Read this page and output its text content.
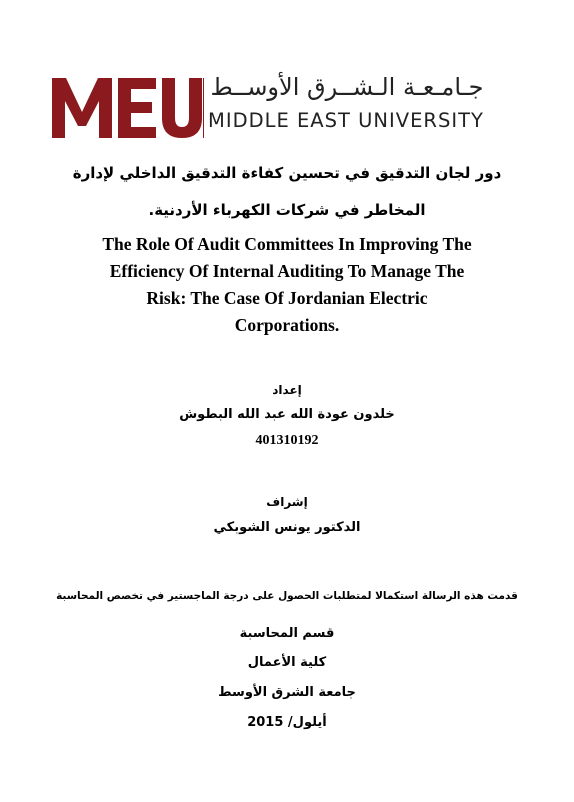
جـامـعـة الـشــرق الأوســط
MIDDLE EAST UNIVERSITY
دور لجان التدقيق في تحسين كفاءة التدقيق الداخلي لإدارة
المخاطر في شركات الكهرباء الأردنية.
The Role Of Audit Committees In Improving The
Efficiency Of Internal Auditing To Manage The
Risk: The Case Of Jordanian Electric
Corporations.
إعداد
خلدون عودة الله عبد الله البطوش
401310192
إشراف
الدكتور يونس الشوبكي
قدمت هذه الرسالة استكمالا لمتطلبات الحصول على درجة الماجستير في تخصص المحاسبة
قسم المحاسبة
كلية الأعمال
جامعة الشرق الأوسط
أيلول/ 2015
